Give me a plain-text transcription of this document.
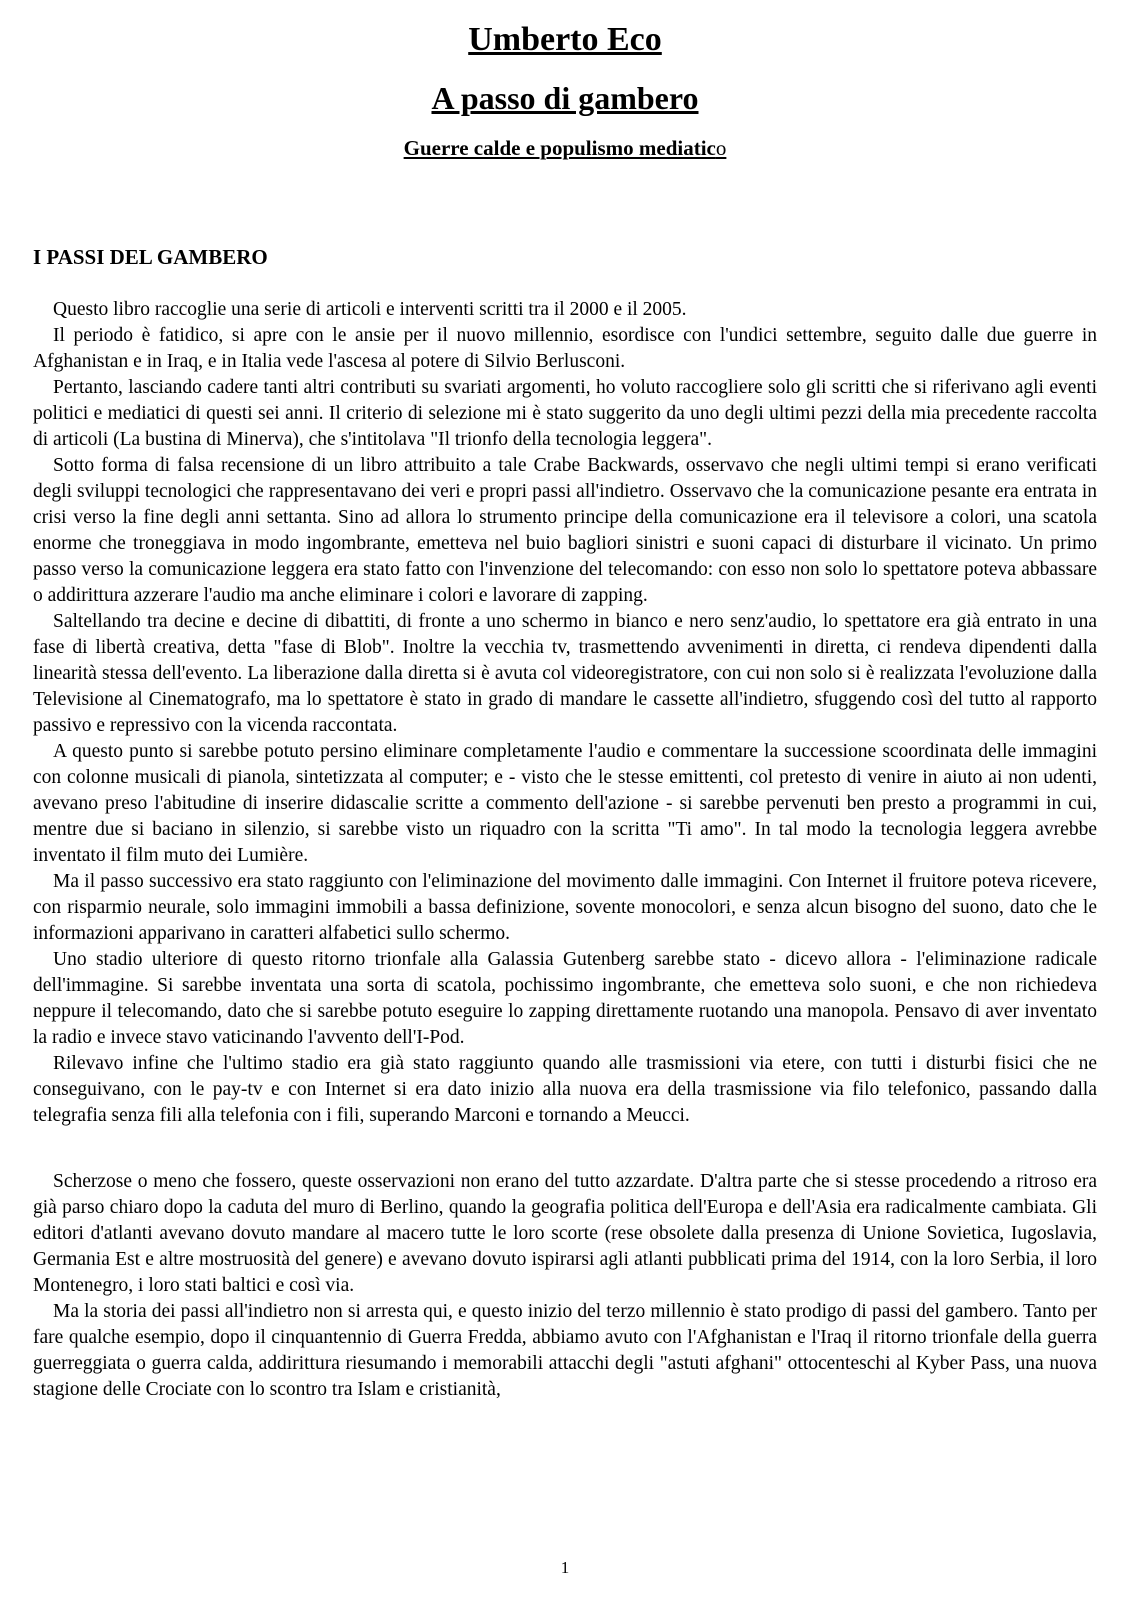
Umberto Eco
A passo di gambero
Guerre calde e populismo mediatico
I PASSI DEL GAMBERO

Questo libro raccoglie una serie di articoli e interventi scritti tra il 2000 e il 2005.

Il periodo è fatidico, si apre con le ansie per il nuovo millennio, esordisce con l'undici settembre, seguito dalle due guerre in Afghanistan e in Iraq, e in Italia vede l'ascesa al potere di Silvio Berlusconi.

Pertanto, lasciando cadere tanti altri contributi su svariati argomenti, ho voluto raccogliere solo gli scritti che si riferivano agli eventi politici e mediatici di questi sei anni. Il criterio di selezione mi è stato suggerito da uno degli ultimi pezzi della mia precedente raccolta di articoli (La bustina di Minerva), che s'intitolava "Il trionfo della tecnologia leggera".

Sotto forma di falsa recensione di un libro attribuito a tale Crabe Backwards, osservavo che negli ultimi tempi si erano verificati degli sviluppi tecnologici che rappresentavano dei veri e propri passi all'indietro. Osservavo che la comunicazione pesante era entrata in crisi verso la fine degli anni settanta. Sino ad allora lo strumento principe della comunicazione era il televisore a colori, una scatola enorme che troneggiava in modo ingombrante, emetteva nel buio bagliori sinistri e suoni capaci di disturbare il vicinato. Un primo passo verso la comunicazione leggera era stato fatto con l'invenzione del telecomando: con esso non solo lo spettatore poteva abbassare o addirittura azzerare l'audio ma anche eliminare i colori e lavorare di zapping.

Saltellando tra decine e decine di dibattiti, di fronte a uno schermo in bianco e nero senz'audio, lo spettatore era già entrato in una fase di libertà creativa, detta "fase di Blob". Inoltre la vecchia tv, trasmettendo avvenimenti in diretta, ci rendeva dipendenti dalla linearità stessa dell'evento. La liberazione dalla diretta si è avuta col videoregistratore, con cui non solo si è realizzata l'evoluzione dalla Televisione al Cinematografo, ma lo spettatore è stato in grado di mandare le cassette all'indietro, sfuggendo così del tutto al rapporto passivo e repressivo con la vicenda raccontata.

A questo punto si sarebbe potuto persino eliminare completamente l'audio e commentare la successione scoordinata delle immagini con colonne musicali di pianola, sintetizzata al computer; e - visto che le stesse emittenti, col pretesto di venire in aiuto ai non udenti, avevano preso l'abitudine di inserire didascalie scritte a commento dell'azione - si sarebbe pervenuti ben presto a programmi in cui, mentre due si baciano in silenzio, si sarebbe visto un riquadro con la scritta "Ti amo". In tal modo la tecnologia leggera avrebbe inventato il film muto dei Lumière.

Ma il passo successivo era stato raggiunto con l'eliminazione del movimento dalle immagini. Con Internet il fruitore poteva ricevere, con risparmio neurale, solo immagini immobili a bassa definizione, sovente monocolori, e senza alcun bisogno del suono, dato che le informazioni apparivano in caratteri alfabetici sullo schermo.

Uno stadio ulteriore di questo ritorno trionfale alla Galassia Gutenberg sarebbe stato - dicevo allora - l'eliminazione radicale dell'immagine. Si sarebbe inventata una sorta di scatola, pochissimo ingombrante, che emetteva solo suoni, e che non richiedeva neppure il telecomando, dato che si sarebbe potuto eseguire lo zapping direttamente ruotando una manopola. Pensavo di aver inventato la radio e invece stavo vaticinando l'avvento dell'I-Pod.

Rilevavo infine che l'ultimo stadio era già stato raggiunto quando alle trasmissioni via etere, con tutti i disturbi fisici che ne conseguivano, con le pay-tv e con Internet si era dato inizio alla nuova era della trasmissione via filo telefonico, passando dalla telegrafia senza fili alla telefonia con i fili, superando Marconi e tornando a Meucci.

Scherzose o meno che fossero, queste osservazioni non erano del tutto azzardate. D'altra parte che si stesse procedendo a ritroso era già parso chiaro dopo la caduta del muro di Berlino, quando la geografia politica dell'Europa e dell'Asia era radicalmente cambiata. Gli editori d'atlanti avevano dovuto mandare al macero tutte le loro scorte (rese obsolete dalla presenza di Unione Sovietica, Iugoslavia, Germania Est e altre mostruosità del genere) e avevano dovuto ispirarsi agli atlanti pubblicati prima del 1914, con la loro Serbia, il loro Montenegro, i loro stati baltici e così via.

Ma la storia dei passi all'indietro non si arresta qui, e questo inizio del terzo millennio è stato prodigo di passi del gambero. Tanto per fare qualche esempio, dopo il cinquantennio di Guerra Fredda, abbiamo avuto con l'Afghanistan e l'Iraq il ritorno trionfale della guerra guerreggiata o guerra calda, addirittura riesumando i memorabili attacchi degli "astuti afghani" ottocenteschi al Kyber Pass, una nuova stagione delle Crociate con lo scontro tra Islam e cristianità,

1
